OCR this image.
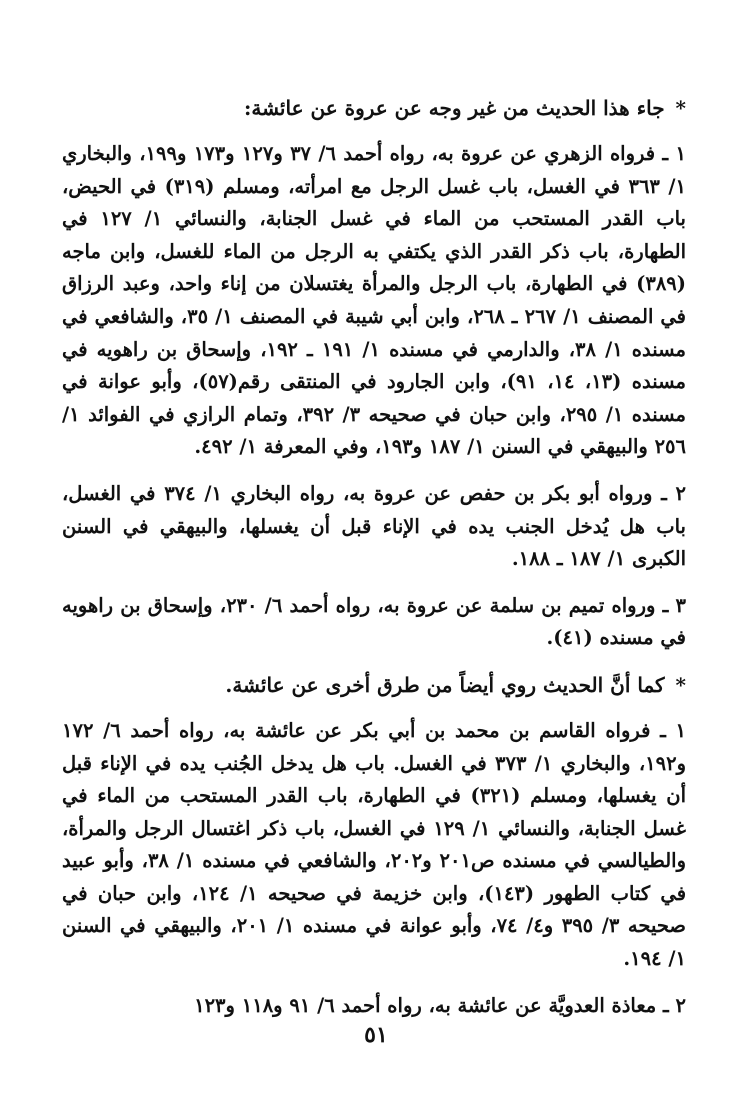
* جاء هذا الحديث من غير وجه عن عروة عن عائشة:

١ ـ فرواه الزهري عن عروة به، رواه أحمد ٦/ ٣٧ و١٢٧ و١٧٣ و١٩٩، والبخاري ١/ ٣٦٣ في الغسل، باب غسل الرجل مع امرأته، ومسلم (٣١٩) في الحيض، باب القدر المستحب من الماء في غسل الجنابة، والنسائي ١/ ١٢٧ في الطهارة، باب ذكر القدر الذي يكتفي به الرجل من الماء للغسل، وابن ماجه (٣٨٩) في الطهارة، باب الرجل والمرأة يغتسلان من إناء واحد، وعبد الرزاق في المصنف ١/ ٢٦٧ ـ ٢٦٨، وابن أبي شيبة في المصنف ١/ ٣٥، والشافعي في مسنده ١/ ٣٨، والدارمي في مسنده ١/ ١٩١ ـ ١٩٢، وإسحاق بن راهويه في مسنده (١٣، ١٤، ٩١)، وابن الجارود في المنتقى رقم(٥٧)، وأبو عوانة في مسنده ١/ ٢٩٥، وابن حبان في صحيحه ٣/ ٣٩٢، وتمام الرازي في الفوائد ١/ ٢٥٦ والبيهقي في السنن ١/ ١٨٧ و١٩٣، وفي المعرفة ١/ ٤٩٢.

٢ ـ ورواه أبو بكر بن حفص عن عروة به، رواه البخاري ١/ ٣٧٤ في الغسل، باب هل يُدخل الجنب يده في الإناء قبل أن يغسلها، والبيهقي في السنن الكبرى ١/ ١٨٧ ـ ١٨٨.

٣ ـ ورواه تميم بن سلمة عن عروة به، رواه أحمد ٦/ ٢٣٠، وإسحاق بن راهويه في مسنده (٤١).

* كما أنَّ الحديث روي أيضاً من طرق أخرى عن عائشة.

١ ـ فرواه القاسم بن محمد بن أبي بكر عن عائشة به، رواه أحمد ٦/ ١٧٢ و١٩٢، والبخاري ١/ ٣٧٣ في الغسل. باب هل يدخل الجُنب يده في الإناء قبل أن يغسلها، ومسلم (٣٢١) في الطهارة، باب القدر المستحب من الماء في غسل الجنابة، والنسائي ١/ ١٢٩ في الغسل، باب ذكر اغتسال الرجل والمرأة، والطيالسي في مسنده ص٢٠١ و٢٠٢، والشافعي في مسنده ١/ ٣٨، وأبو عبيد في كتاب الطهور (١٤٣)، وابن خزيمة في صحيحه ١/ ١٢٤، وابن حبان في صحيحه ٣/ ٣٩٥ و٤/ ٧٤، وأبو عوانة في مسنده ١/ ٢٠١، والبيهقي في السنن ١/ ١٩٤.

٢ ـ معاذة العدويَّة عن عائشة به، رواه أحمد ٦/ ٩١ و١١٨ و١٢٣

٥١
